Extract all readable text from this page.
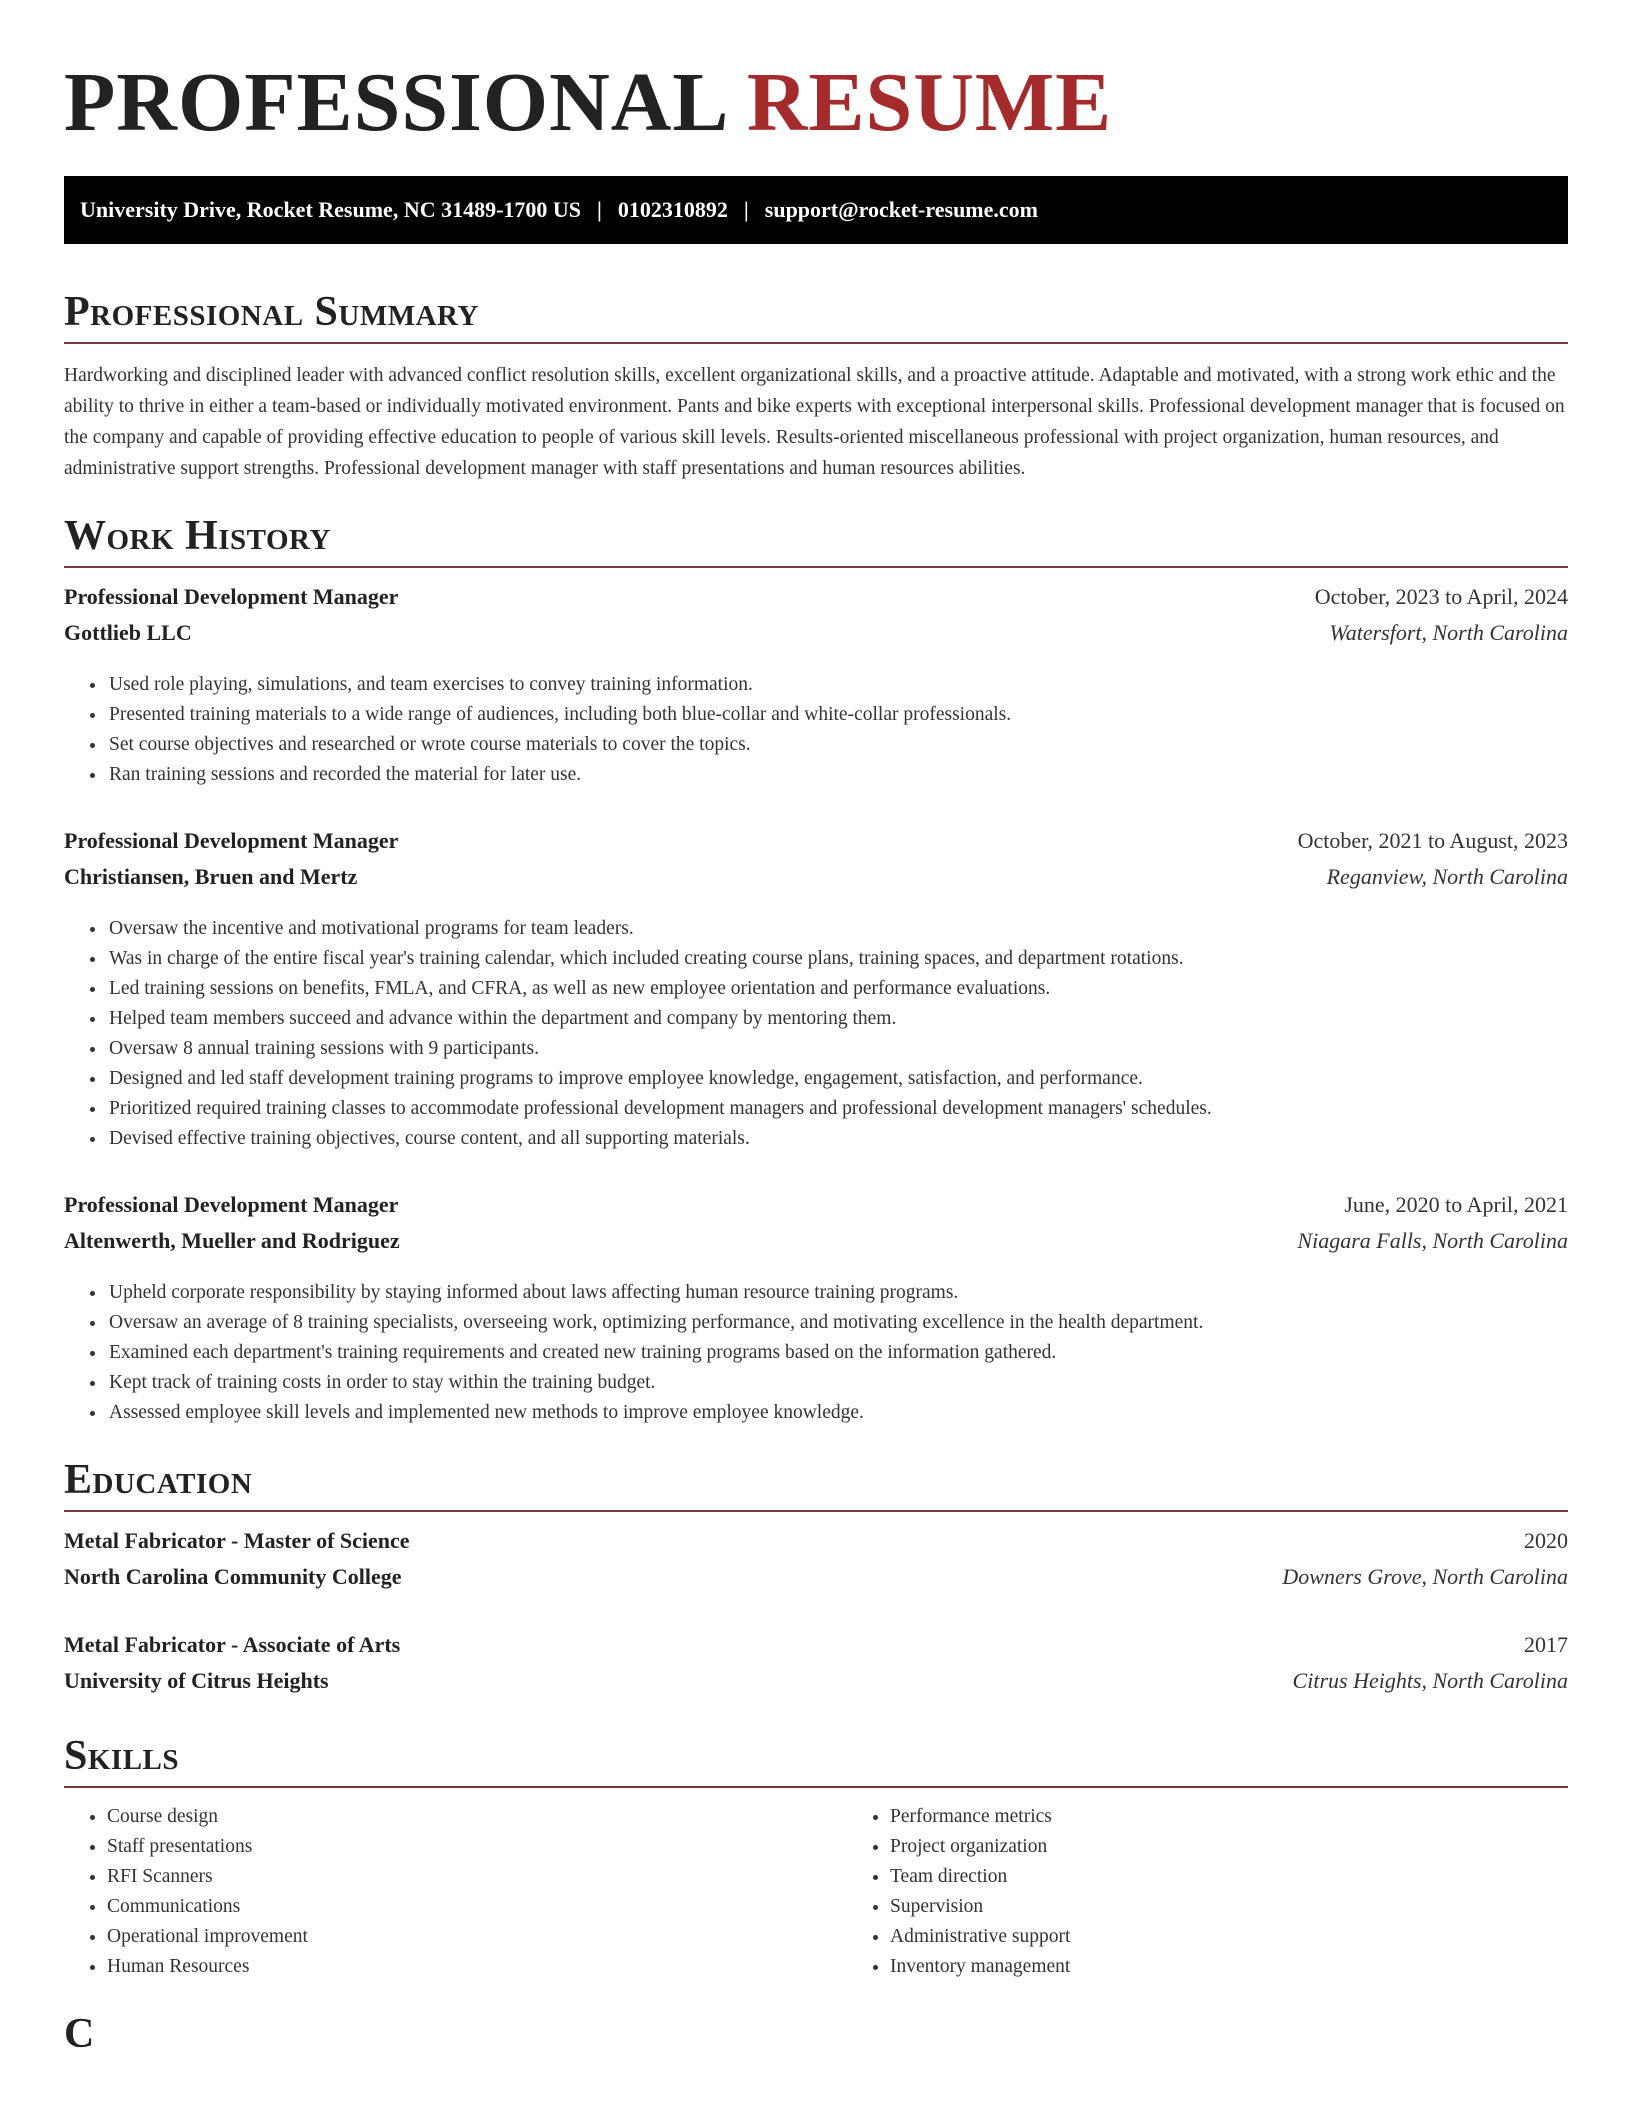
PROFESSIONAL RESUME
University Drive, Rocket Resume, NC 31489-1700 US | 0102310892 | support@rocket-resume.com
Professional Summary

Hardworking and disciplined leader with advanced conflict resolution skills, excellent organizational skills, and a proactive attitude. Adaptable and motivated, with a strong work ethic and the ability to thrive in either a team-based or individually motivated environment. Pants and bike experts with exceptional interpersonal skills. Professional development manager that is focused on the company and capable of providing effective education to people of various skill levels. Results-oriented miscellaneous professional with project organization, human resources, and administrative support strengths. Professional development manager with staff presentations and human resources abilities.

Work History
Professional Development Manager	October, 2023 to April, 2024
Gottlieb LLC	Watersfort, North Carolina
• Used role playing, simulations, and team exercises to convey training information.
• Presented training materials to a wide range of audiences, including both blue-collar and white-collar professionals.
• Set course objectives and researched or wrote course materials to cover the topics.
• Ran training sessions and recorded the material for later use.
Professional Development Manager	October, 2021 to August, 2023
Christiansen, Bruen and Mertz	Reganview, North Carolina
• Oversaw the incentive and motivational programs for team leaders.
• Was in charge of the entire fiscal year's training calendar, which included creating course plans, training spaces, and department rotations.
• Led training sessions on benefits, FMLA, and CFRA, as well as new employee orientation and performance evaluations.
• Helped team members succeed and advance within the department and company by mentoring them.
• Oversaw 8 annual training sessions with 9 participants.
• Designed and led staff development training programs to improve employee knowledge, engagement, satisfaction, and performance.
• Prioritized required training classes to accommodate professional development managers and professional development managers' schedules.
• Devised effective training objectives, course content, and all supporting materials.
Professional Development Manager	June, 2020 to April, 2021
Altenwerth, Mueller and Rodriguez	Niagara Falls, North Carolina
• Upheld corporate responsibility by staying informed about laws affecting human resource training programs.
• Oversaw an average of 8 training specialists, overseeing work, optimizing performance, and motivating excellence in the health department.
• Examined each department's training requirements and created new training programs based on the information gathered.
• Kept track of training costs in order to stay within the training budget.
• Assessed employee skill levels and implemented new methods to improve employee knowledge.
Education
Metal Fabricator - Master of Science	2020
North Carolina Community College	Downers Grove, North Carolina
Metal Fabricator - Associate of Arts	2017
University of Citrus Heights	Citrus Heights, North Carolina
Skills
• Course design
• Staff presentations
• RFI Scanners
• Communications
• Operational improvement
• Human Resources
• Performance metrics
• Project organization
• Team direction
• Supervision
• Administrative support
• Inventory management
C
